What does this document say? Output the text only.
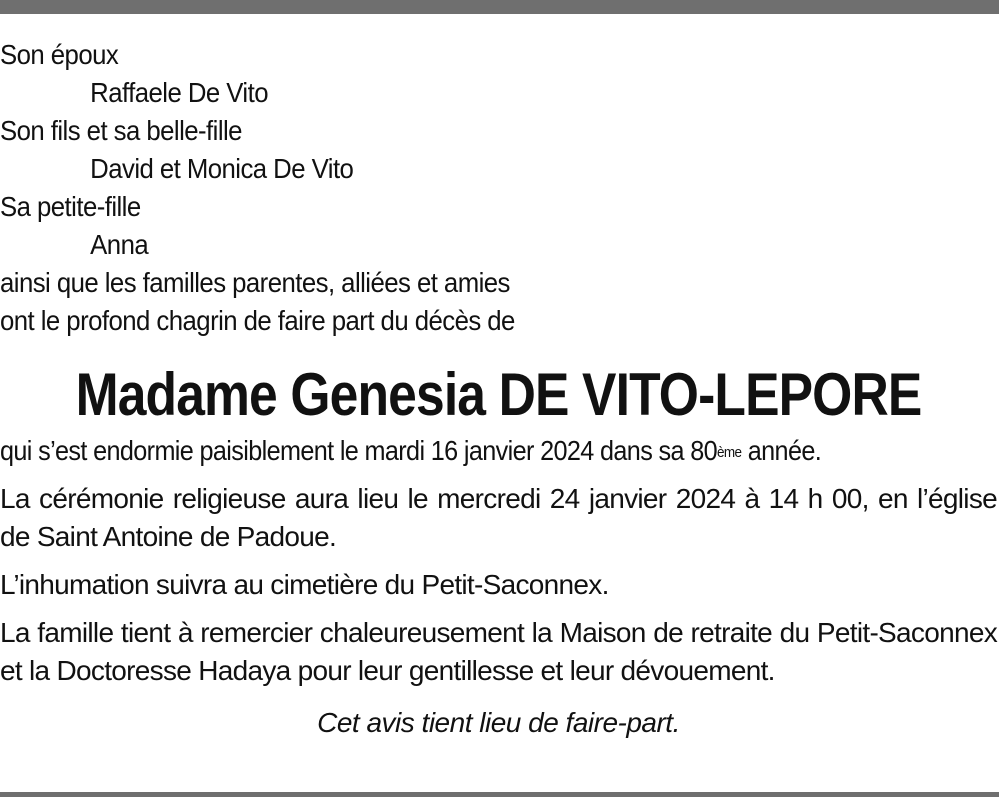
Son époux
Raffaele De Vito
Son fils et sa belle-fille
David et Monica De Vito
Sa petite-fille
Anna
ainsi que les familles parentes, alliées et amies
ont le profond chagrin de faire part du décès de
Madame Genesia DE VITO-LEPORE
qui s’est endormie paisiblement le mardi 16 janvier 2024 dans sa 80ème année.
La cérémonie religieuse aura lieu le mercredi 24 janvier 2024 à 14 h 00, en l’église de Saint Antoine de Padoue.
L’inhumation suivra au cimetière du Petit-Saconnex.
La famille tient à remercier chaleureusement la Maison de retraite du Petit-Saconnex et la Doctoresse Hadaya pour leur gentillesse et leur dévouement.
Cet avis tient lieu de faire-part.
